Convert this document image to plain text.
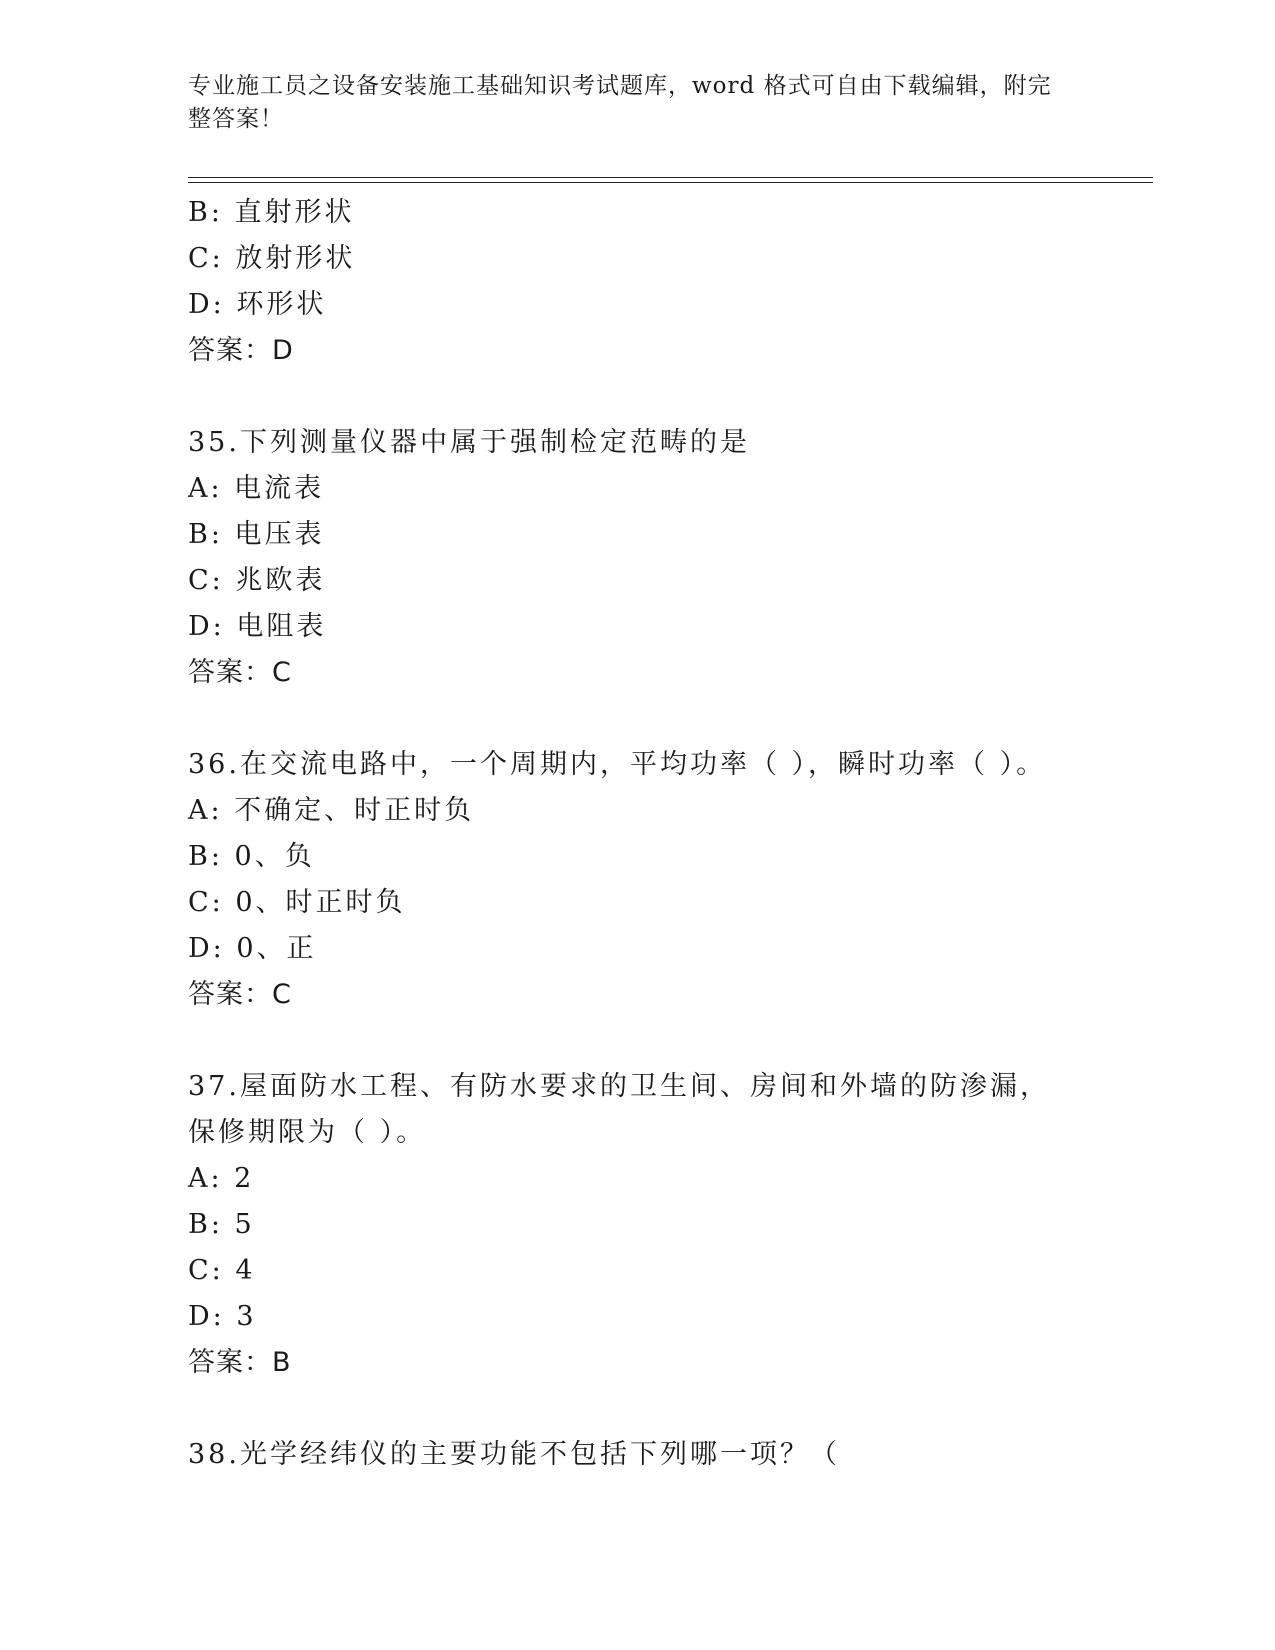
专业施工员之设备安装施工基础知识考试题库，word 格式可自由下载编辑，附完整答案！
B: 直射形状
C: 放射形状
D: 环形状
答案：D
35.下列测量仪器中属于强制检定范畴的是
A: 电流表
B: 电压表
C: 兆欧表
D: 电阻表
答案：C
36.在交流电路中，一个周期内，平均功率（ ），瞬时功率（ ）。
A: 不确定、时正时负
B: 0、负
C: 0、时正时负
D: 0、正
答案：C
37.屋面防水工程、有防水要求的卫生间、房间和外墙的防渗漏，保修期限为（ ）。
A: 2
B: 5
C: 4
D: 3
答案：B
38.光学经纬仪的主要功能不包括下列哪一项？（
